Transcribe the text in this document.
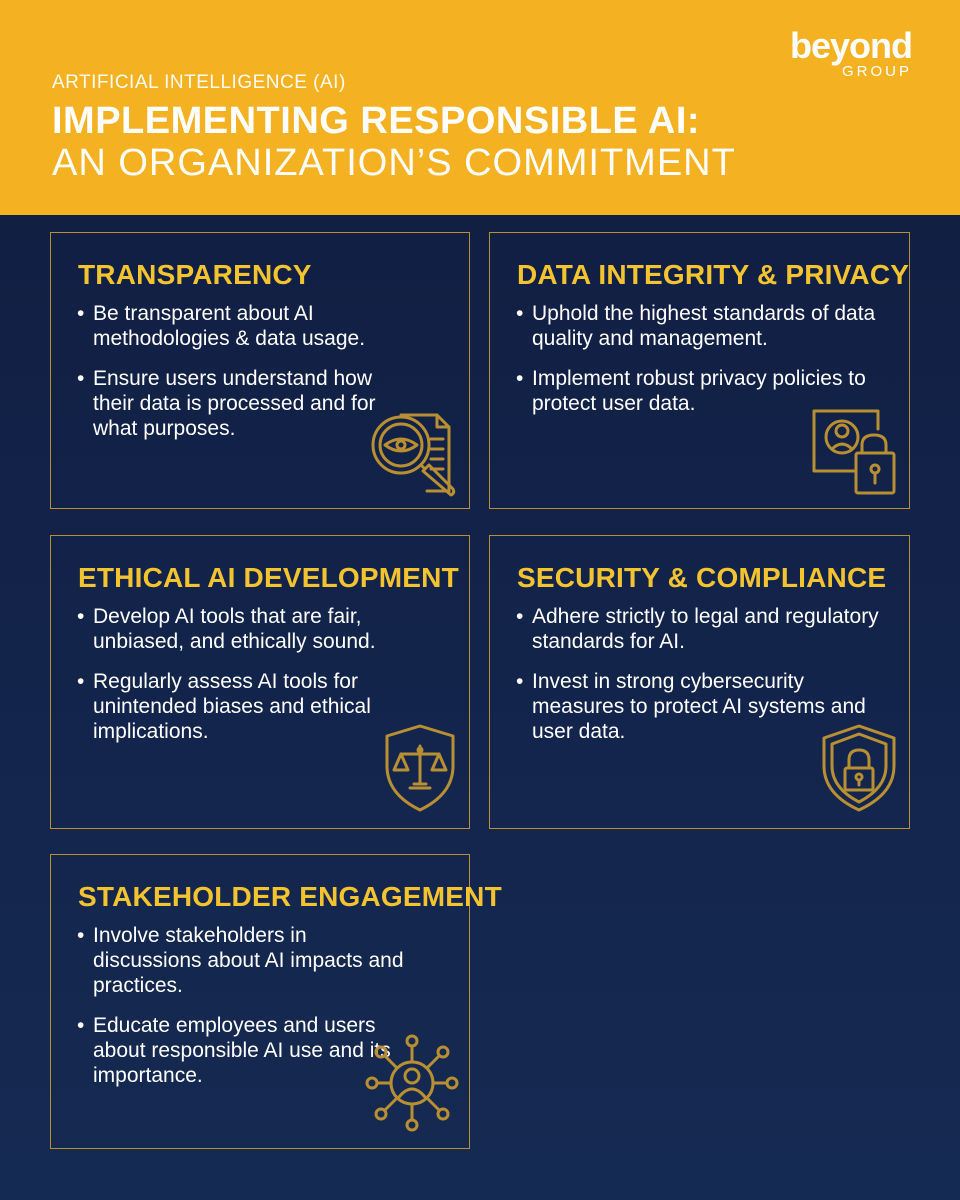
ARTIFICIAL INTELLIGENCE (AI)
IMPLEMENTING RESPONSIBLE AI:
AN ORGANIZATION’S COMMITMENT
beyond
GROUP
TRANSPARENCY
• Be transparent about AI methodologies & data usage.
• Ensure users understand how their data is processed and for what purposes.
DATA INTEGRITY & PRIVACY
• Uphold the highest standards of data quality and management.
• Implement robust privacy policies to protect user data.
ETHICAL AI DEVELOPMENT
• Develop AI tools that are fair, unbiased, and ethically sound.
• Regularly assess AI tools for unintended biases and ethical implications.
SECURITY & COMPLIANCE
• Adhere strictly to legal and regulatory standards for AI.
• Invest in strong cybersecurity measures to protect AI systems and user data.
STAKEHOLDER ENGAGEMENT
• Involve stakeholders in discussions about AI impacts and practices.
• Educate employees and users about responsible AI use and its importance.
